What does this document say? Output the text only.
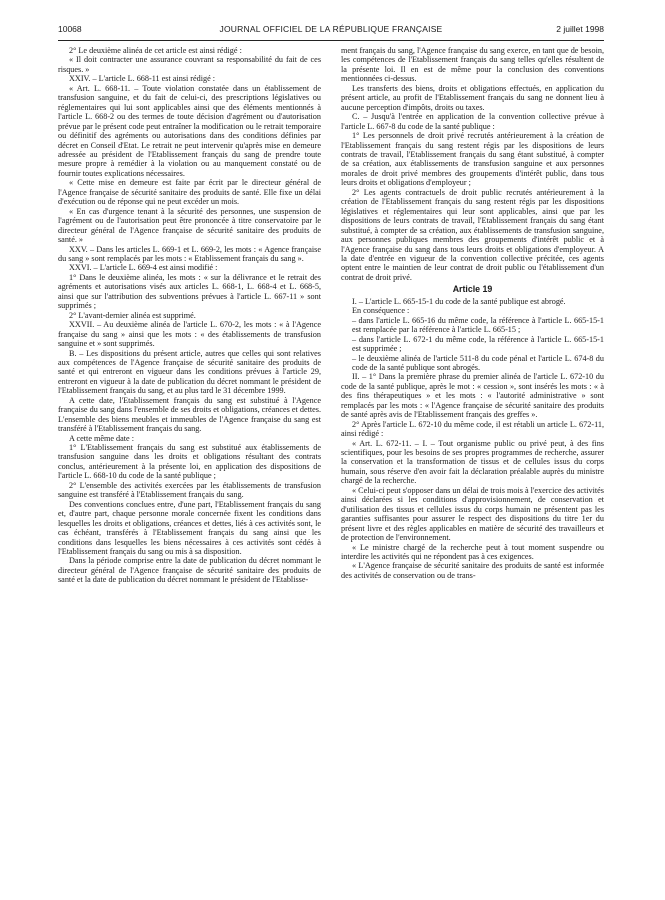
10068	JOURNAL OFFICIEL DE LA RÉPUBLIQUE FRANÇAISE	2 juillet 1998

2° Le deuxième alinéa de cet article est ainsi rédigé :

« Il doit contracter une assurance couvrant sa responsabilité du fait de ces risques. »

XXIV. – L'article L. 668-11 est ainsi rédigé :

« Art. L. 668-11. – Toute violation constatée dans un établissement de transfusion sanguine, et du fait de celui-ci, des prescriptions législatives ou réglementaires qui lui sont applicables ainsi que des éléments mentionnés à l'article L. 668-2 ou des termes de toute décision d'agrément ou d'autorisation prévue par le présent code peut entraîner la modification ou le retrait temporaire ou définitif des agréments ou autorisations dans des conditions définies par décret en Conseil d'Etat. Le retrait ne peut intervenir qu'après mise en demeure adressée au président de l'Etablissement français du sang de prendre toute mesure propre à remédier à la violation ou au manquement constaté ou de fournir toutes explications nécessaires.

« Cette mise en demeure est faite par écrit par le directeur général de l'Agence française de sécurité sanitaire des produits de santé. Elle fixe un délai d'exécution ou de réponse qui ne peut excéder un mois.

« En cas d'urgence tenant à la sécurité des personnes, une suspension de l'agrément ou de l'autorisation peut être prononcée à titre conservatoire par le directeur général de l'Agence française de sécurité sanitaire des produits de santé. »

XXV. – Dans les articles L. 669-1 et L. 669-2, les mots : « Agence française du sang » sont remplacés par les mots : « Etablissement français du sang ».

XXVI. – L'article L. 669-4 est ainsi modifié :

1° Dans le deuxième alinéa, les mots : « sur la délivrance et le retrait des agréments et autorisations visés aux articles L. 668-1, L. 668-4 et L. 668-5, ainsi que sur l'attribution des subventions prévues à l'article L. 667-11 » sont supprimés ;

2° L'avant-dernier alinéa est supprimé.

XXVII. – Au deuxième alinéa de l'article L. 670-2, les mots : « à l'Agence française du sang » ainsi que les mots : « des établissements de transfusion sanguine et » sont supprimés.

B. – Les dispositions du présent article, autres que celles qui sont relatives aux compétences de l'Agence française de sécurité sanitaire des produits de santé et qui entreront en vigueur dans les conditions prévues à l'article 29, entreront en vigueur à la date de publication du décret nommant le président de l'Etablissement français du sang, et au plus tard le 31 décembre 1999.

A cette date, l'Etablissement français du sang est substitué à l'Agence française du sang dans l'ensemble de ses droits et obligations, créances et dettes. L'ensemble des biens meubles et immeubles de l'Agence française du sang est transféré à l'Etablissement français du sang.

A cette même date :

1° L'Etablissement français du sang est substitué aux établissements de transfusion sanguine dans les droits et obligations résultant des contrats conclus, antérieurement à la présente loi, en application des dispositions de l'article L. 668-10 du code de la santé publique ;

2° L'ensemble des activités exercées par les établissements de transfusion sanguine est transféré à l'Etablissement français du sang.

Des conventions conclues entre, d'une part, l'Etablissement français du sang et, d'autre part, chaque personne morale concernée fixent les conditions dans lesquelles les droits et obligations, créances et dettes, liés à ces activités sont, le cas échéant, transférés à l'Etablissement français du sang ainsi que les conditions dans lesquelles les biens nécessaires à ces activités sont cédés à l'Etablissement français du sang ou mis à sa disposition.

Dans la période comprise entre la date de publication du décret nommant le directeur général de l'Agence française de sécurité sanitaire des produits de santé et la date de publication du décret nommant le président de l'Etablisse-

ment français du sang, l'Agence française du sang exerce, en tant que de besoin, les compétences de l'Etablissement français du sang telles qu'elles résultent de la présente loi. Il en est de même pour la conclusion des conventions mentionnées ci-dessus.

Les transferts des biens, droits et obligations effectués, en application du présent article, au profit de l'Etablissement français du sang ne donnent lieu à aucune perception d'impôts, droits ou taxes.

C. – Jusqu'à l'entrée en application de la convention collective prévue à l'article L. 667-8 du code de la santé publique :

1° Les personnels de droit privé recrutés antérieurement à la création de l'Etablissement français du sang restent régis par les dispositions de leurs contrats de travail, l'Etablissement français du sang étant substitué, à compter de sa création, aux établissements de transfusion sanguine et aux personnes morales de droit privé membres des groupements d'intérêt public, dans tous leurs droits et obligations d'employeur ;

2° Les agents contractuels de droit public recrutés antérieurement à la création de l'Etablissement français du sang restent régis par les dispositions législatives et réglementaires qui leur sont applicables, ainsi que par les dispositions de leurs contrats de travail, l'Etablissement français du sang étant substitué, à compter de sa création, aux établissements de transfusion sanguine, aux personnes publiques membres des groupements d'intérêt public et à l'Agence française du sang dans tous leurs droits et obligations d'employeur. A la date d'entrée en vigueur de la convention collective précitée, ces agents optent entre le maintien de leur contrat de droit public ou l'établissement d'un contrat de droit privé.

Article 19

I. – L'article L. 665-15-1 du code de la santé publique est abrogé.

En conséquence :

– dans l'article L. 665-16 du même code, la référence à l'article L. 665-15-1 est remplacée par la référence à l'article L. 665-15 ;

– dans l'article L. 672-1 du même code, la référence à l'article L. 665-15-1 est supprimée ;

– le deuxième alinéa de l'article 511-8 du code pénal et l'article L. 674-8 du code de la santé publique sont abrogés.

II. – 1° Dans la première phrase du premier alinéa de l'article L. 672-10 du code de la santé publique, après le mot : « cession », sont insérés les mots : « à des fins thérapeutiques » et les mots : « l'autorité administrative » sont remplacés par les mots : « l'Agence française de sécurité sanitaire des produits de santé après avis de l'Etablissement français des greffes ».

2° Après l'article L. 672-10 du même code, il est rétabli un article L. 672-11, ainsi rédigé :

« Art. L. 672-11. – I. – Tout organisme public ou privé peut, à des fins scientifiques, pour les besoins de ses propres programmes de recherche, assurer la conservation et la transformation de tissus et de cellules issus du corps humain, sous réserve d'en avoir fait la déclaration préalable auprès du ministre chargé de la recherche.

« Celui-ci peut s'opposer dans un délai de trois mois à l'exercice des activités ainsi déclarées si les conditions d'approvisionnement, de conservation et d'utilisation des tissus et cellules issus du corps humain ne présentent pas les garanties suffisantes pour assurer le respect des dispositions du titre 1er du présent livre et des règles applicables en matière de sécurité des travailleurs et de protection de l'environnement.

« Le ministre chargé de la recherche peut à tout moment suspendre ou interdire les activités qui ne répondent pas à ces exigences.

« L'Agence française de sécurité sanitaire des produits de santé est informée des activités de conservation ou de trans-
